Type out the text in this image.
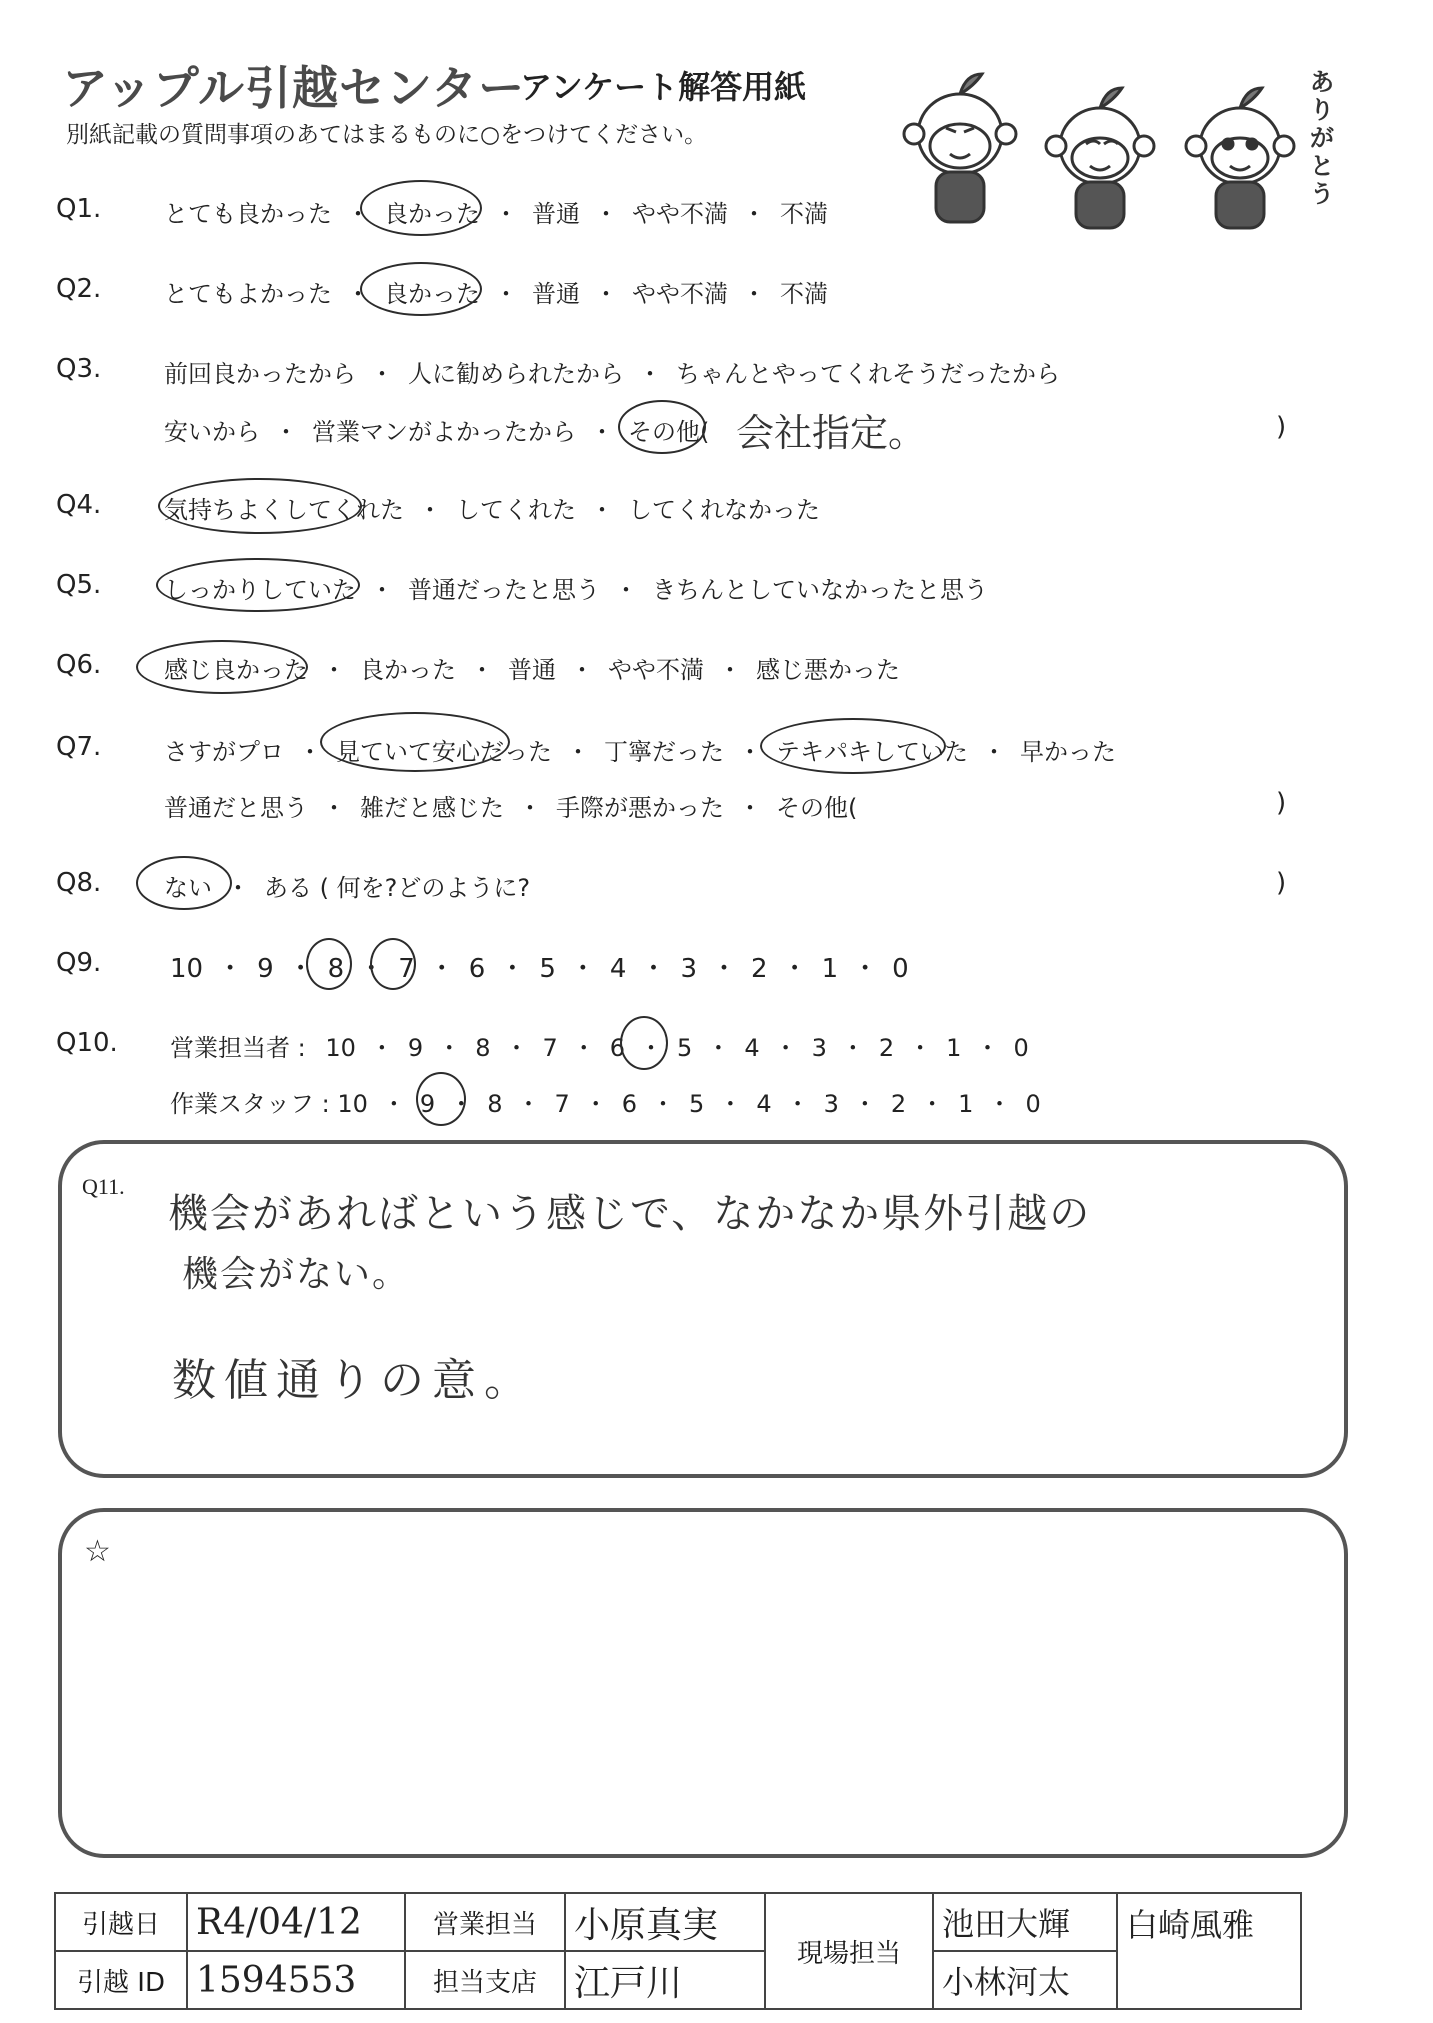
アップル引越センター
アンケート解答用紙
別紙記載の質問事項のあてはまるものに○をつけてください。
ありがとう
Q1.	とても良かった ・ 良かった ・ 普通 ・ やや不満 ・ 不満
Q2.	とてもよかった ・ 良かった ・ 普通 ・ やや不満 ・ 不満
Q3.	前回良かったから ・ 人に勧められたから ・ ちゃんとやってくれそうだったから
安いから ・ 営業マンがよかったから ・ その他( 会社指定。	)
Q4.	気持ちよくしてくれた ・ してくれた ・ してくれなかった
Q5.	しっかりしていた ・ 普通だったと思う ・ きちんとしていなかったと思う
Q6.	感じ良かった ・ 良かった ・ 普通 ・ やや不満 ・ 感じ悪かった
Q7.	さすがプロ ・ 見ていて安心だった ・ 丁寧だった ・ テキパキしていた ・ 早かった
普通だと思う ・ 雑だと感じた ・ 手際が悪かった ・ その他(	)
Q8.	ない ・ ある ( 何を?どのように?	)
Q9.	10 ・ 9 ・ 8 ・ 7 ・ 6 ・ 5 ・ 4 ・ 3 ・ 2 ・ 1 ・ 0
Q10. 営業担当者 : 10 ・ 9 ・ 8 ・ 7 ・ 6 ・ 5 ・ 4 ・ 3 ・ 2 ・ 1 ・ 0
作業スタッフ : 10 ・ 9 ・ 8 ・ 7 ・ 6 ・ 5 ・ 4 ・ 3 ・ 2 ・ 1 ・ 0
Q11.
機会があればという感じで、なかなか県外引越の
機会がない。
数値通りの意。
☆
引越日	R4/04/12	営業担当	小原真実	現場担当	池田大輝	白崎風雅
引越 ID	1594553	担当支店	江戸川		小林河太	
